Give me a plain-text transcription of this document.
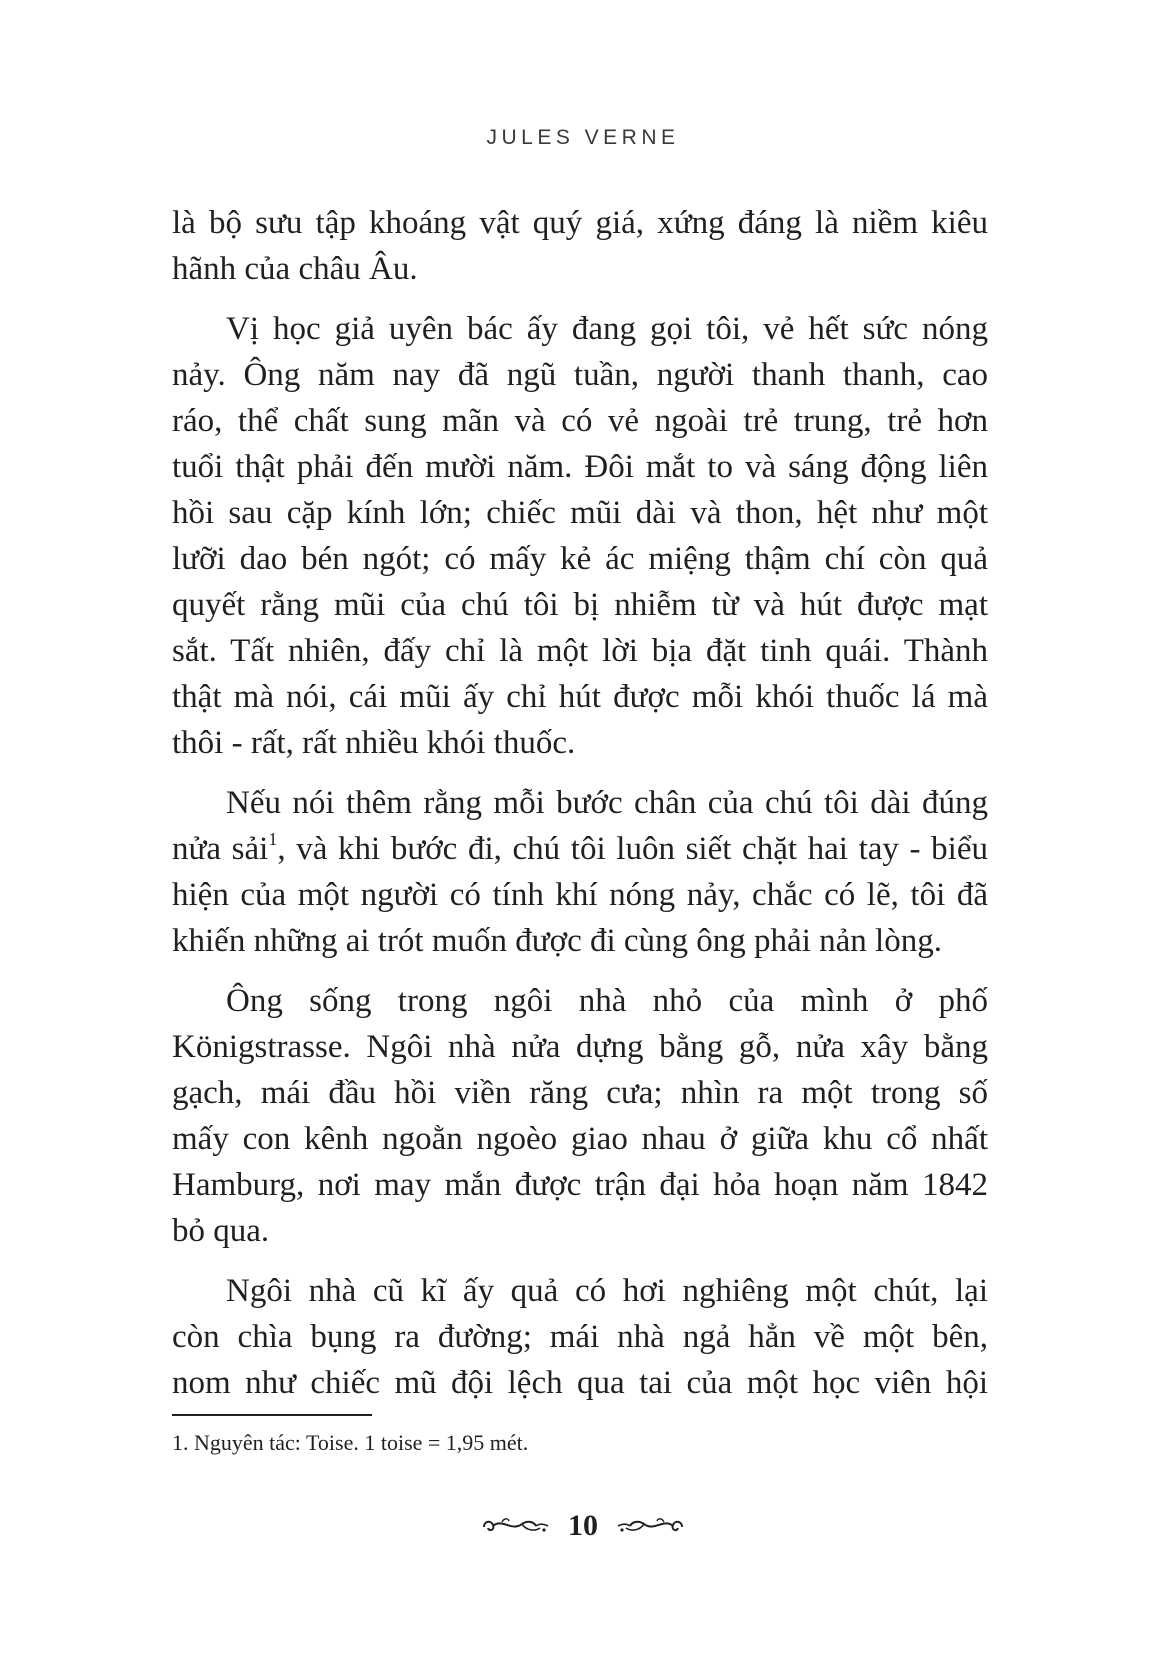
JULES VERNE
là bộ sưu tập khoáng vật quý giá, xứng đáng là niềm kiêu
hãnh của châu Âu.
Vị học giả uyên bác ấy đang gọi tôi, vẻ hết sức nóng
nảy. Ông năm nay đã ngũ tuần, người thanh thanh, cao
ráo, thể chất sung mãn và có vẻ ngoài trẻ trung, trẻ hơn
tuổi thật phải đến mười năm. Đôi mắt to và sáng động liên
hồi sau cặp kính lớn; chiếc mũi dài và thon, hệt như một
lưỡi dao bén ngót; có mấy kẻ ác miệng thậm chí còn quả
quyết rằng mũi của chú tôi bị nhiễm từ và hút được mạt
sắt. Tất nhiên, đấy chỉ là một lời bịa đặt tinh quái. Thành
thật mà nói, cái mũi ấy chỉ hút được mỗi khói thuốc lá mà
thôi - rất, rất nhiều khói thuốc.
Nếu nói thêm rằng mỗi bước chân của chú tôi dài đúng
nửa sải$^1$, và khi bước đi, chú tôi luôn siết chặt hai tay - biểu
hiện của một người có tính khí nóng nảy, chắc có lẽ, tôi đã
khiến những ai trót muốn được đi cùng ông phải nản lòng.
Ông sống trong ngôi nhà nhỏ của mình ở phố
Königstrasse. Ngôi nhà nửa dựng bằng gỗ, nửa xây bằng
gạch, mái đầu hồi viền răng cưa; nhìn ra một trong số
mấy con kênh ngoằn ngoèo giao nhau ở giữa khu cổ nhất
Hamburg, nơi may mắn được trận đại hỏa hoạn năm 1842
bỏ qua.
Ngôi nhà cũ kĩ ấy quả có hơi nghiêng một chút, lại
còn chìa bụng ra đường; mái nhà ngả hẳn về một bên,
nom như chiếc mũ đội lệch qua tai của một học viên hội
1. Nguyên tác: Toise. 1 toise = 1,95 mét.
10
